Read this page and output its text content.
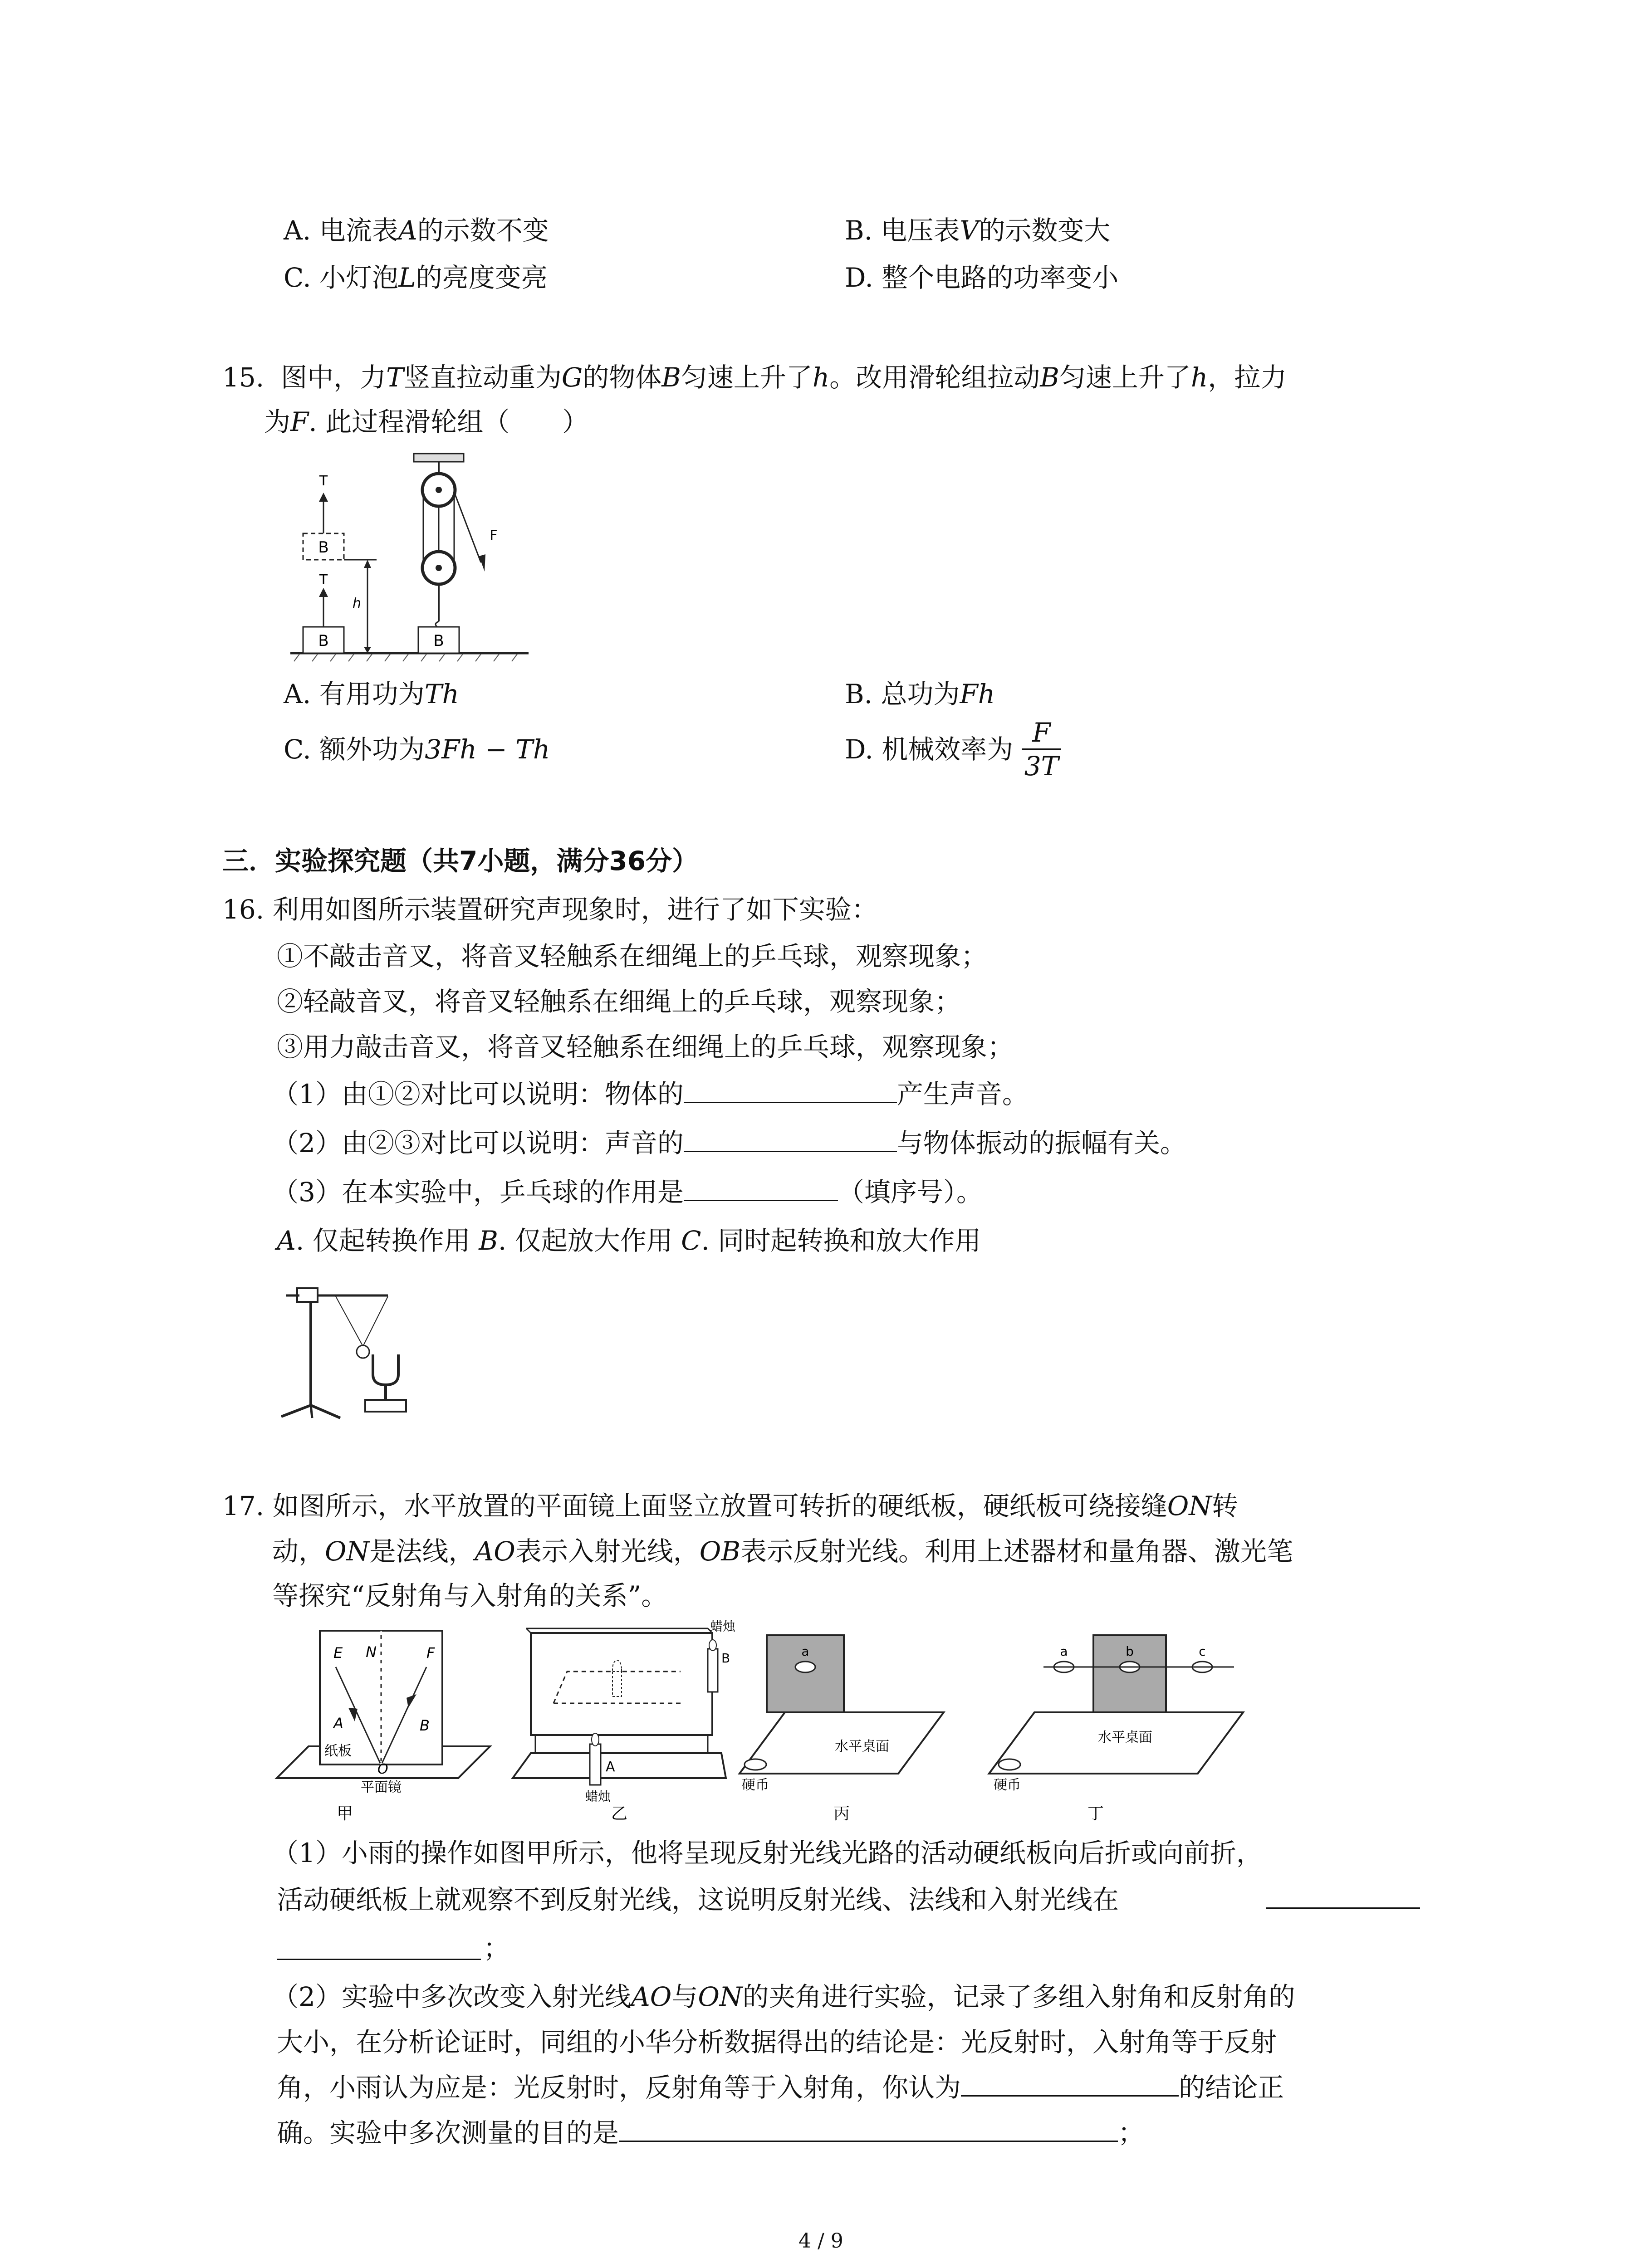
A. 电流表A的示数不变	B. 电压表V的示数变大
C. 小灯泡L的亮度变亮	D. 整个电路的功率变小
15. 图中，力T竖直拉动重为G的物体B匀速上升了h。改用滑轮组拉动B匀速上升了h，拉力
为F. 此过程滑轮组（　　）
B
T
B
T
h
F
B
A. 有用功为Th	B. 总功为Fh
C. 额外功为3Fh − Th	D. 机械效率为 $\frac{F}{3T}$
三．实验探究题（共7小题，满分36分）
16. 利用如图所示装置研究声现象时，进行了如下实验：
①不敲击音叉，将音叉轻触系在细绳上的乒乓球，观察现象；
②轻敲音叉，将音叉轻触系在细绳上的乒乓球，观察现象；
③用力敲击音叉，将音叉轻触系在细绳上的乒乓球，观察现象；
（1）由①②对比可以说明：物体的	产生声音。
（2）由②③对比可以说明：声音的	与物体振动的振幅有关。
（3）在本实验中，乒乓球的作用是	（填序号）。
A. 仅起转换作用 B. 仅起放大作用 C. 同时起转换和放大作用
17. 如图所示，水平放置的平面镜上面竖立放置可转折的硬纸板，硬纸板可绕接缝ON转
动，ON是法线，AO表示入射光线，OB表示反射光线。利用上述器材和量角器、激光笔
等探究“反射角与入射角的关系”。
E N	F
A	B
纸板
O
平面镜
甲
蜡烛
B
A
蜡烛
乙
a
硬币
水平桌面
丙
b
a	c
硬币
水平桌面
丁
（1）小雨的操作如图甲所示，他将呈现反射光线光路的活动硬纸板向后折或向前折，
活动硬纸板上就观察不到反射光线，这说明反射光线、法线和入射光线在
；
（2）实验中多次改变入射光线AO与ON的夹角进行实验，记录了多组入射角和反射角的
大小，在分析论证时，同组的小华分析数据得出的结论是：光反射时，入射角等于反射
角，小雨认为应是：光反射时，反射角等于入射角，你认为	的结论正
确。实验中多次测量的目的是	；
4 / 9
